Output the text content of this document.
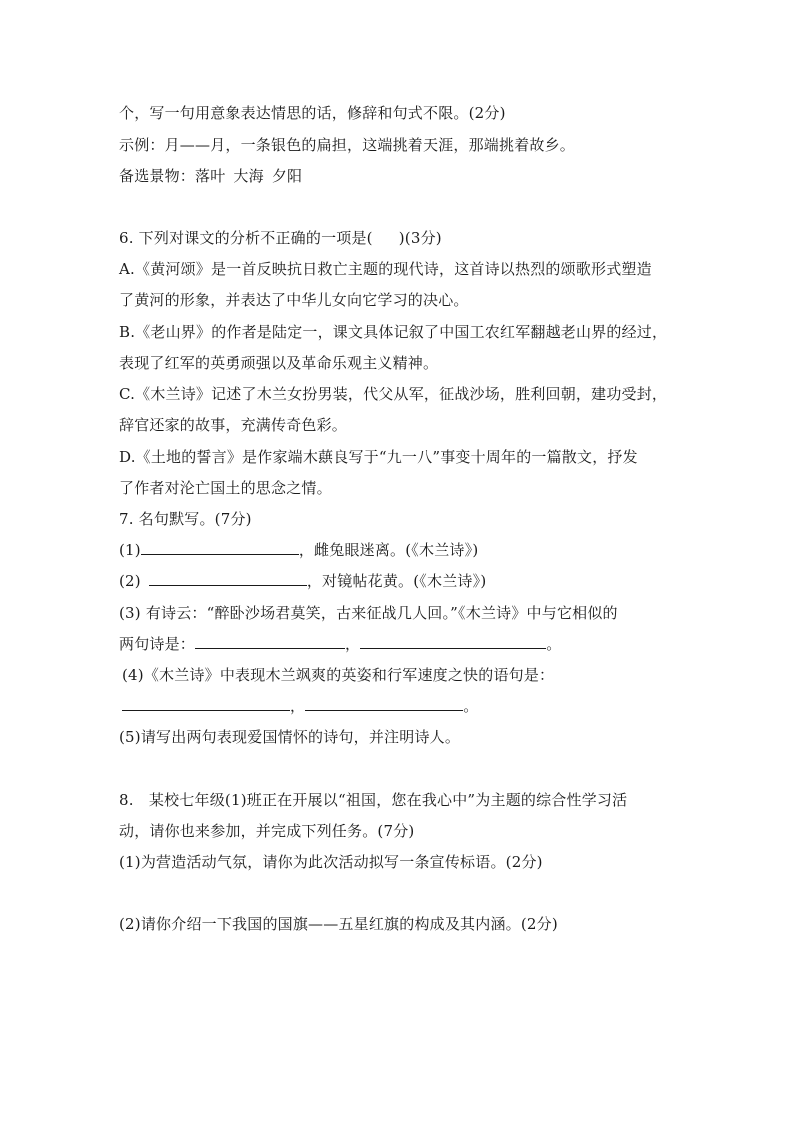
个，写一句用意象表达情思的话，修辞和句式不限。(2分)
示例：月——月，一条银色的扁担，这端挑着天涯，那端挑着故乡。
备选景物：落叶 大海 夕阳
6. 下列对课文的分析不正确的一项是( )(3分)
A.《黄河颂》是一首反映抗日救亡主题的现代诗，这首诗以热烈的颂歌形式塑造
了黄河的形象，并表达了中华儿女向它学习的决心。
B.《老山界》的作者是陆定一，课文具体记叙了中国工农红军翻越老山界的经过，
表现了红军的英勇顽强以及革命乐观主义精神。
C.《木兰诗》记述了木兰女扮男装，代父从军，征战沙场，胜利回朝，建功受封，
辞官还家的故事，充满传奇色彩。
D.《土地的誓言》是作家端木蕻良写于“九一八”事变十周年的一篇散文，抒发
了作者对沦亡国土的思念之情。
7. 名句默写。(7分)
(1)	，雌兔眼迷离。(《木兰诗》)
(2)	，对镜帖花黄。(《木兰诗》)
(3) 有诗云：“醉卧沙场君莫笑，古来征战几人回。”《木兰诗》中与它相似的
两句诗是：	，	。
(4)《木兰诗》中表现木兰飒爽的英姿和行军速度之快的语句是：
，	。
(5)请写出两句表现爱国情怀的诗句，并注明诗人。
8.　某校七年级(1)班正在开展以“祖国，您在我心中”为主题的综合性学习活
动，请你也来参加，并完成下列任务。(7分)
(1)为营造活动气氛，请你为此次活动拟写一条宣传标语。(2分)
(2)请你介绍一下我国的国旗——五星红旗的构成及其内涵。(2分)
